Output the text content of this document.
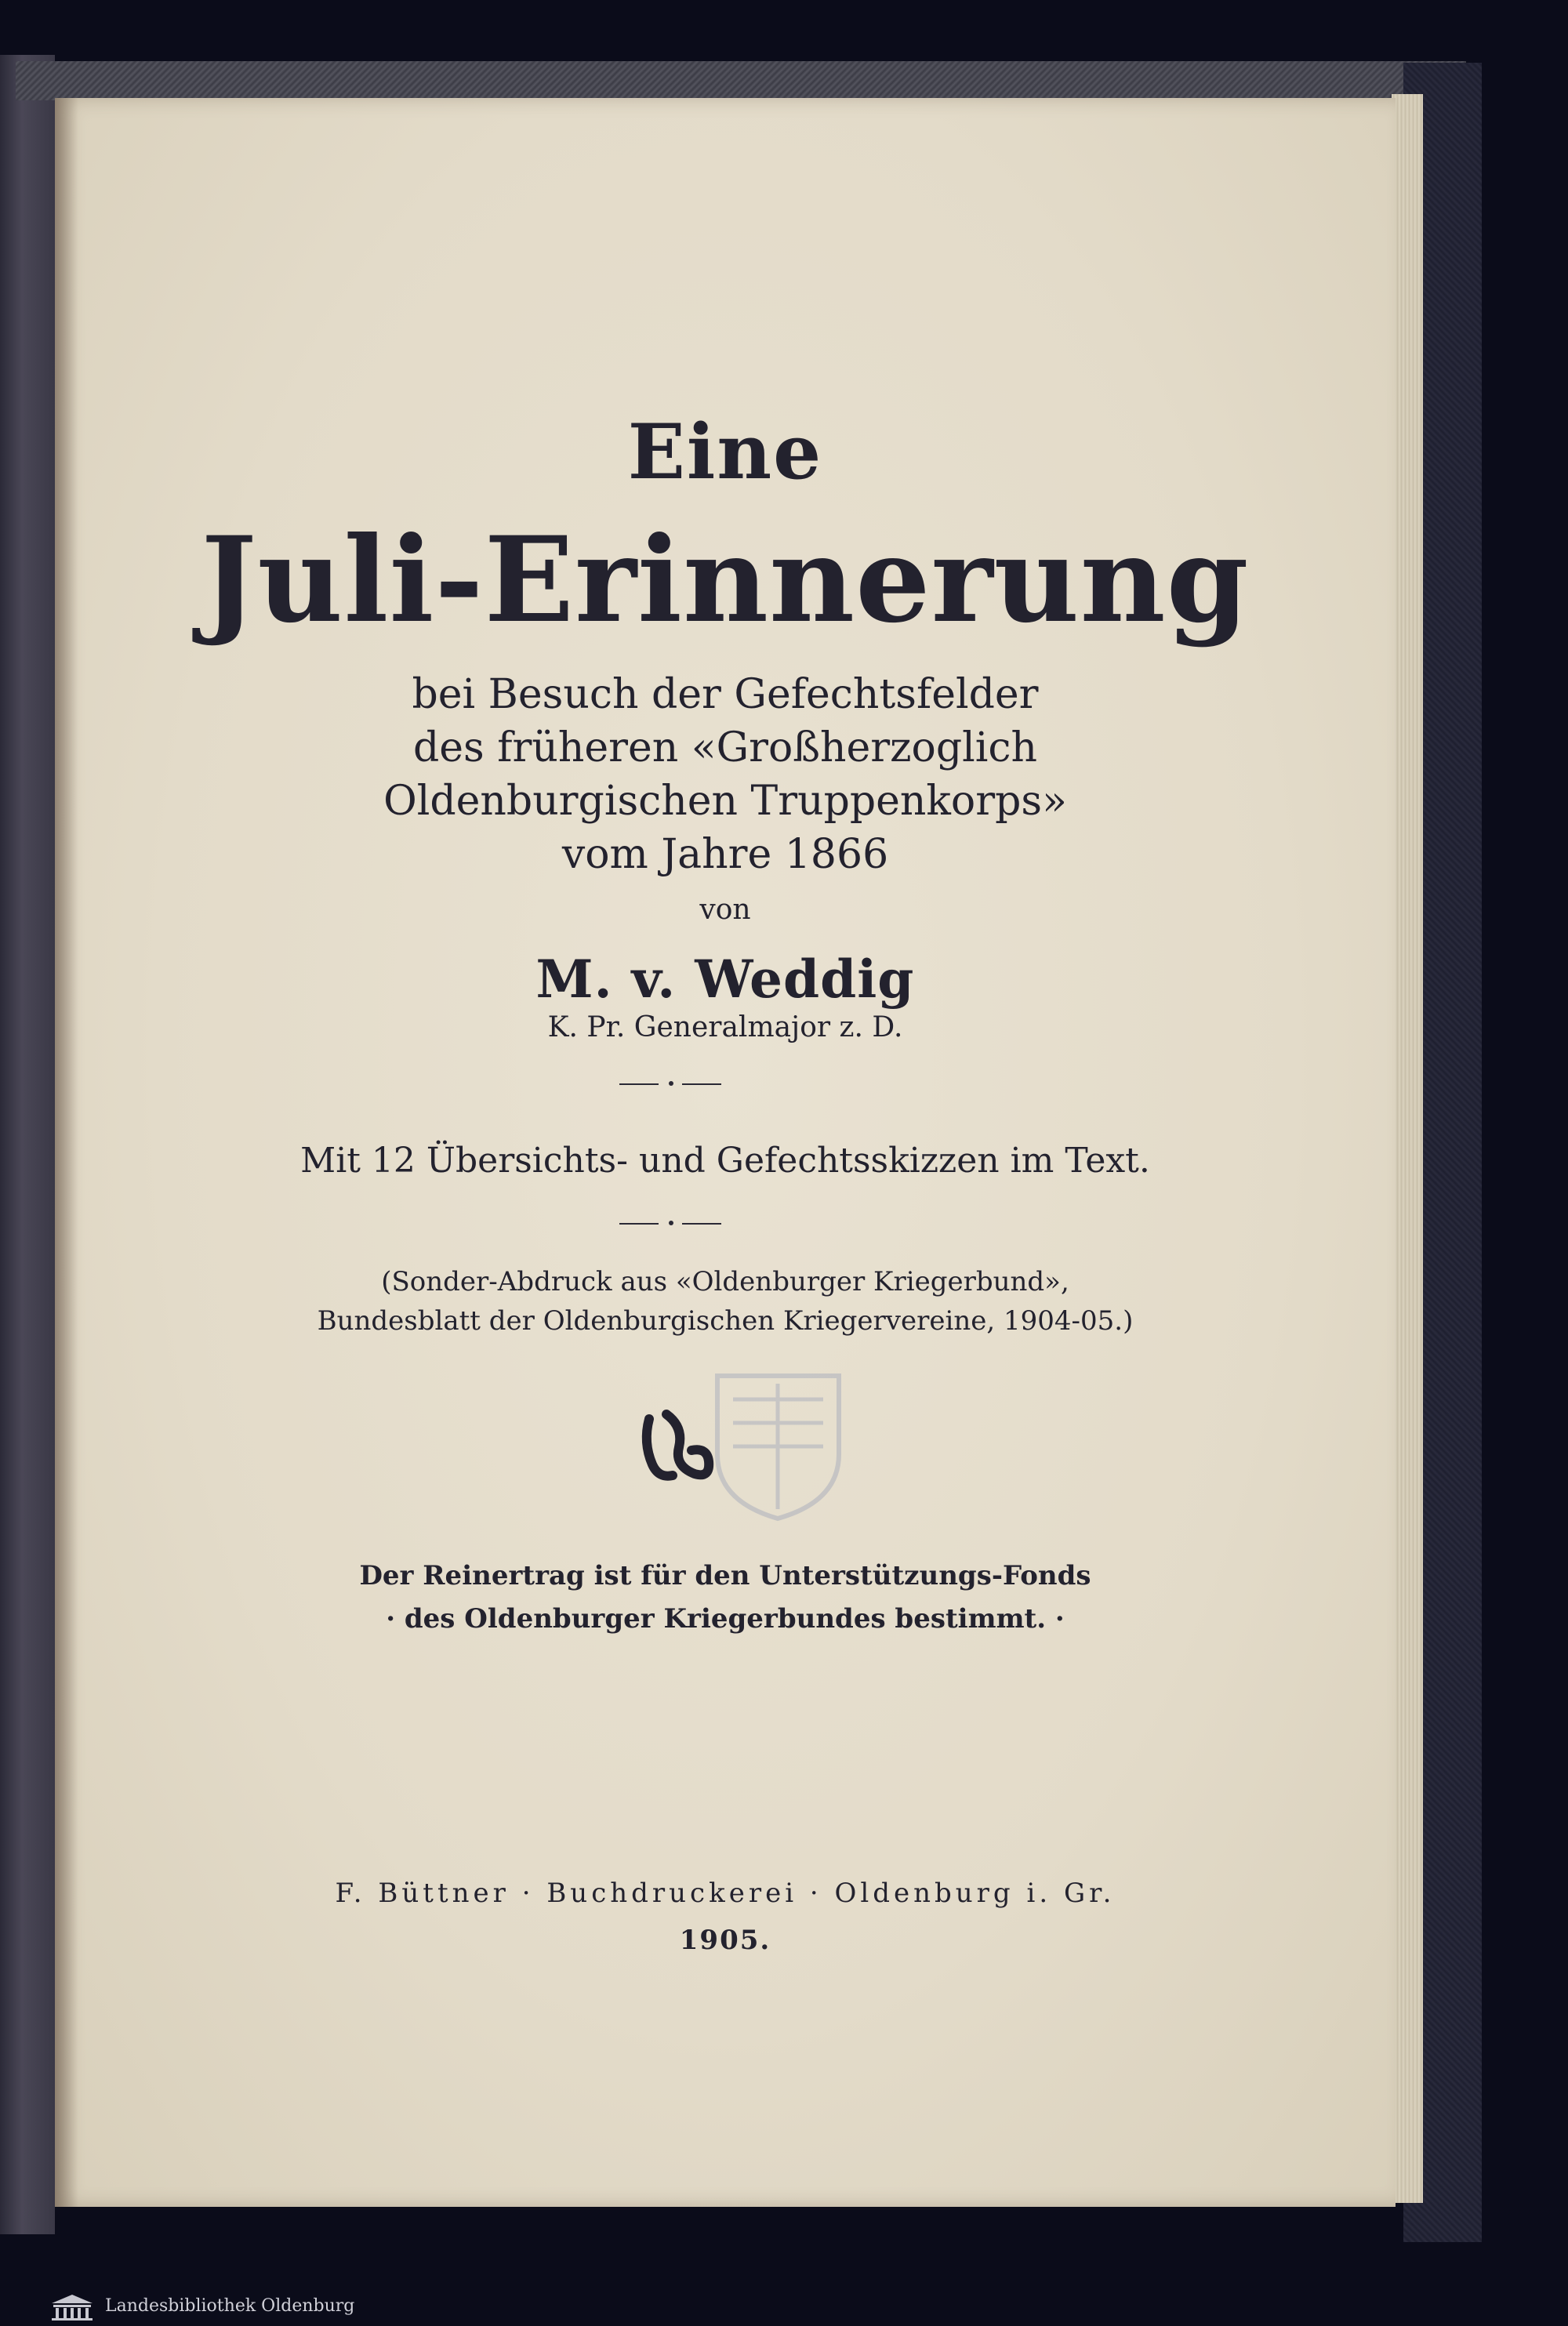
Eine
Juli-Erinnerung
bei Besuch der Gefechtsfelder
des früheren «Großherzoglich
Oldenburgischen Truppenkorps»
vom Jahre 1866
von
M. v. Weddig
K. Pr. Generalmajor z. D.
Mit 12 Übersichts- und Gefechtsskizzen im Text.
(Sonder-Abdruck aus «Oldenburger Kriegerbund»,
Bundesblatt der Oldenburgischen Kriegervereine, 1904-05.)
Der Reinertrag ist für den Unterstützungs-Fonds
· des Oldenburger Kriegerbundes bestimmt. ·
F. Büttner · Buchdruckerei · Oldenburg i. Gr.
1905.
Landesbibliothek Oldenburg
